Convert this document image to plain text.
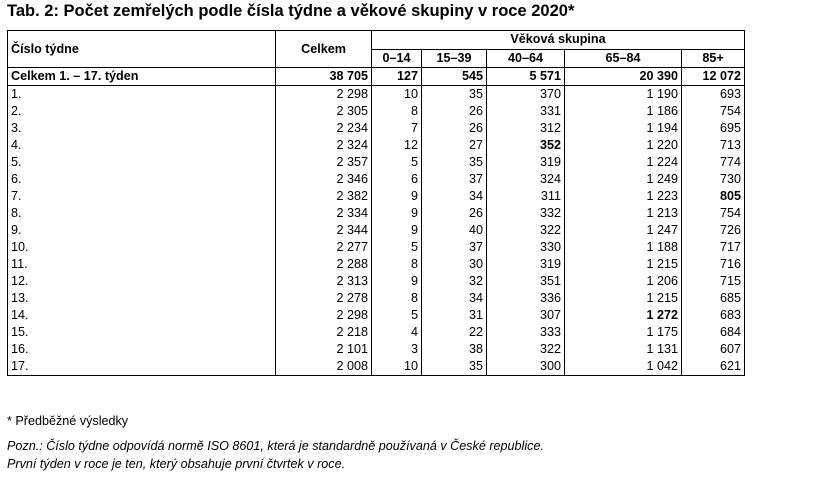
Tab. 2: Počet zemřelých podle čísla týdne a věkové skupiny v roce 2020*
Číslo týdne	Celkem	Věková skupina				
		0–14	15–39	40–64	65–84	85+
Celkem 1. – 17. týden	38 705	127	545	5 571	20 390	12 072
1.	2 298	10	35	370	1 190	693
2.	2 305	8	26	331	1 186	754
3.	2 234	7	26	312	1 194	695
4.	2 324	12	27	352	1 220	713
5.	2 357	5	35	319	1 224	774
6.	2 346	6	37	324	1 249	730
7.	2 382	9	34	311	1 223	805
8.	2 334	9	26	332	1 213	754
9.	2 344	9	40	322	1 247	726
10.	2 277	5	37	330	1 188	717
11.	2 288	8	30	319	1 215	716
12.	2 313	9	32	351	1 206	715
13.	2 278	8	34	336	1 215	685
14.	2 298	5	31	307	1 272	683
15.	2 218	4	22	333	1 175	684
16.	2 101	3	38	322	1 131	607
17.	2 008	10	35	300	1 042	621
* Předběžné výsledky
Pozn.: Číslo týdne odpovídá normě ISO 8601, která je standardně používaná v České republice.
První týden v roce je ten, který obsahuje první čtvrtek v roce.
